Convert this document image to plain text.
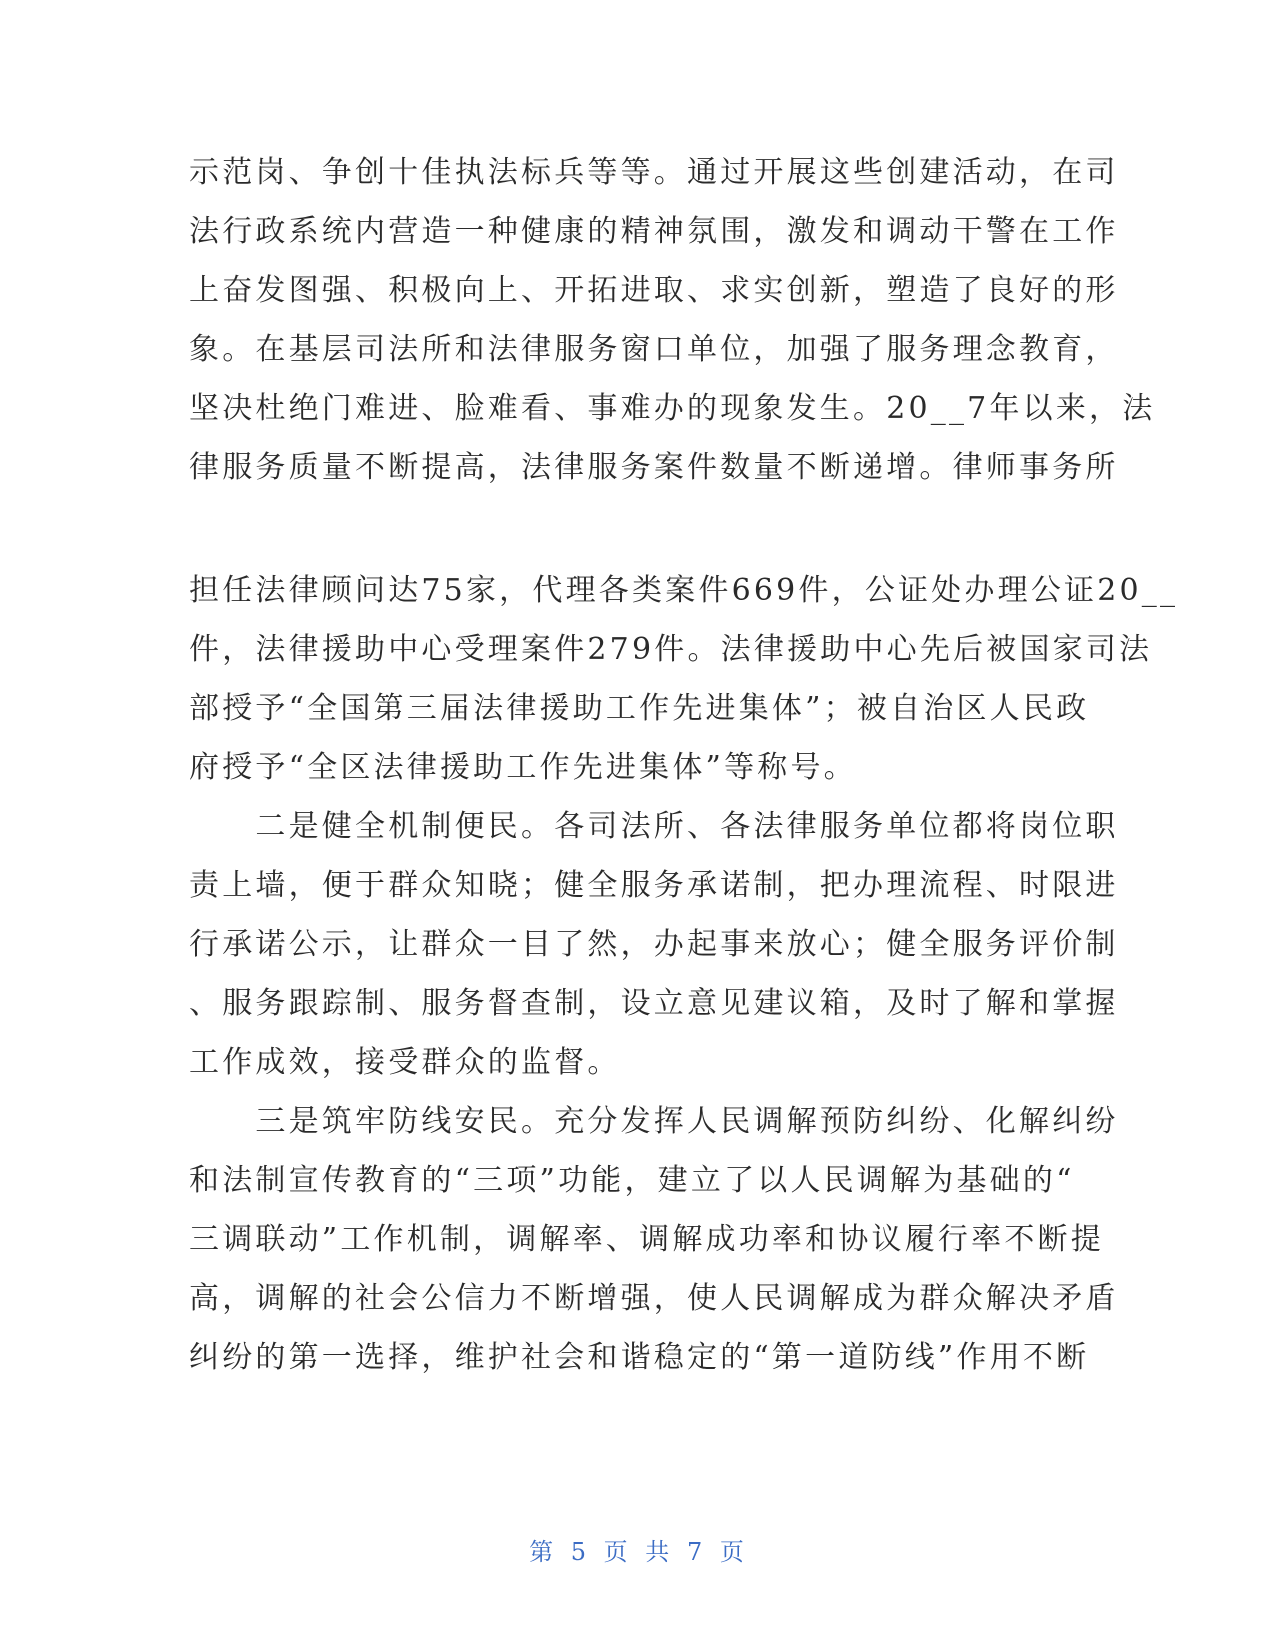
示范岗、争创十佳执法标兵等等。通过开展这些创建活动，在司
法行政系统内营造一种健康的精神氛围，激发和调动干警在工作
上奋发图强、积极向上、开拓进取、求实创新，塑造了良好的形
象。在基层司法所和法律服务窗口单位，加强了服务理念教育，
坚决杜绝门难进、脸难看、事难办的现象发生。20__7年以来，法
律服务质量不断提高，法律服务案件数量不断递增。律师事务所
担任法律顾问达75家，代理各类案件669件，公证处办理公证20__
件，法律援助中心受理案件279件。法律援助中心先后被国家司法
部授予“全国第三届法律援助工作先进集体”；被自治区人民政
府授予“全区法律援助工作先进集体”等称号。
　　二是健全机制便民。各司法所、各法律服务单位都将岗位职
责上墙，便于群众知晓；健全服务承诺制，把办理流程、时限进
行承诺公示，让群众一目了然，办起事来放心；健全服务评价制
、服务跟踪制、服务督查制，设立意见建议箱，及时了解和掌握
工作成效，接受群众的监督。
　　三是筑牢防线安民。充分发挥人民调解预防纠纷、化解纠纷
和法制宣传教育的“三项”功能，建立了以人民调解为基础的“
三调联动”工作机制，调解率、调解成功率和协议履行率不断提
高，调解的社会公信力不断增强，使人民调解成为群众解决矛盾
纠纷的第一选择，维护社会和谐稳定的“第一道防线”作用不断
第 5 页 共 7 页
